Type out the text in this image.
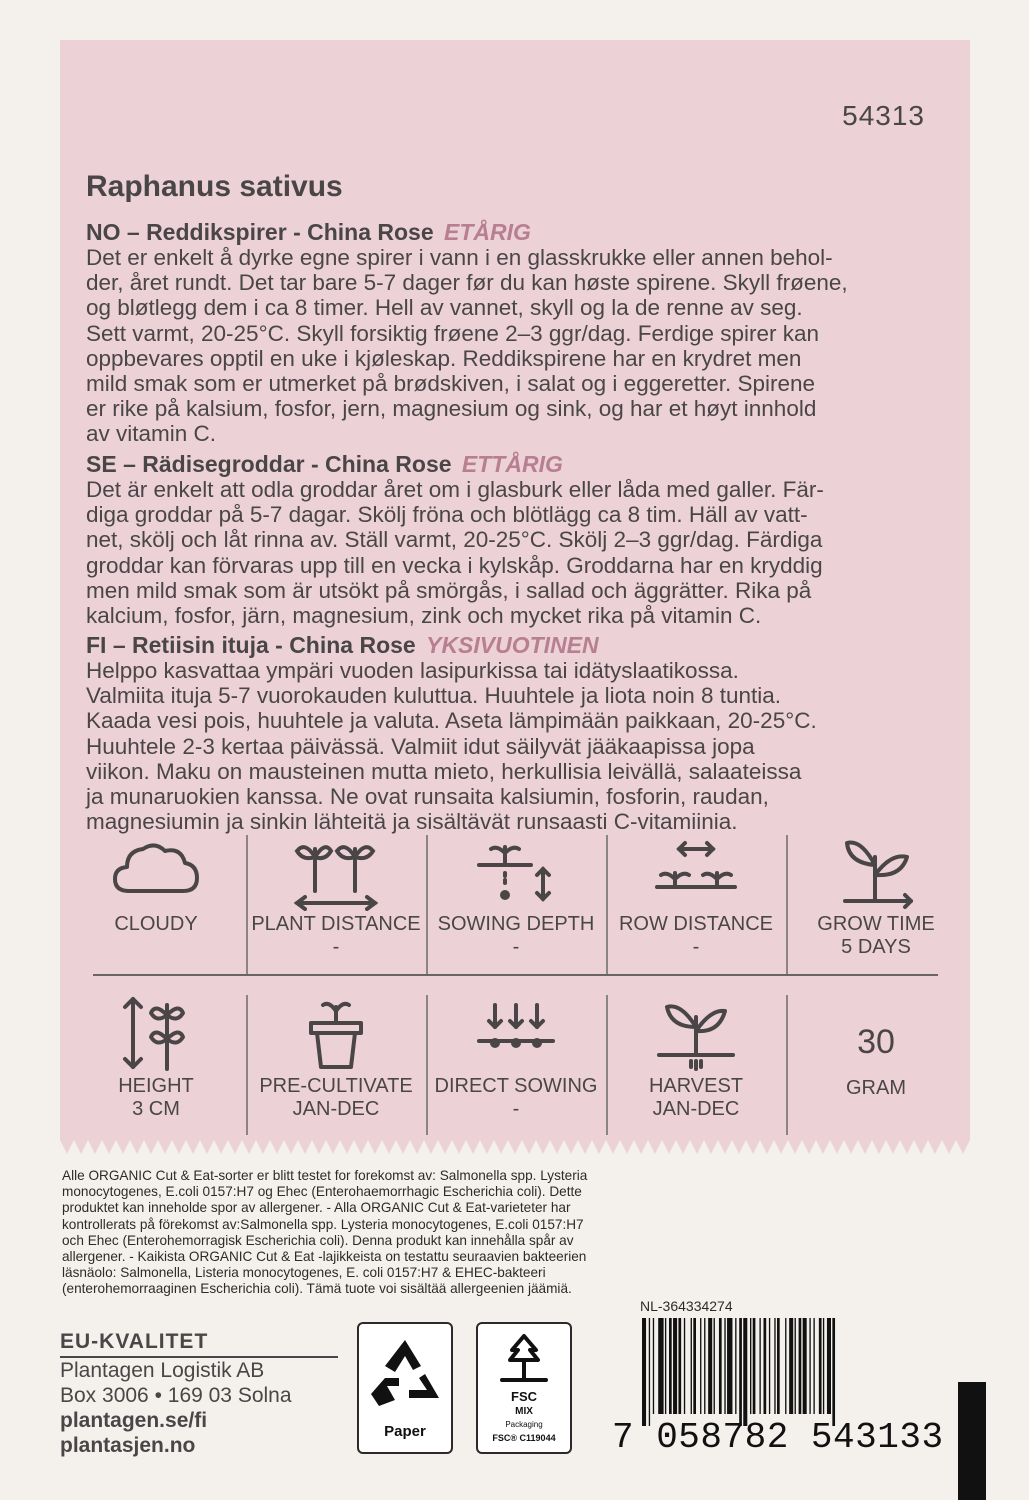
54313
Raphanus sativus
NO – Reddikspirer - China Rose ETÅRIG

Det er enkelt å dyrke egne spirer i vann i en glasskrukke eller annen behol-

der, året rundt. Det tar bare 5-7 dager før du kan høste spirene. Skyll frøene,

og bløtlegg dem i ca 8 timer. Hell av vannet, skyll og la de renne av seg.

Sett varmt, 20-25°C. Skyll forsiktig frøene 2–3 ggr/dag. Ferdige spirer kan

oppbevares opptil en uke i kjøleskap. Reddikspirene har en krydret men

mild smak som er utmerket på brødskiven, i salat og i eggeretter. Spirene

er rike på kalsium, fosfor, jern, magnesium og sink, og har et høyt innhold

av vitamin C.

SE – Rädisegroddar - China Rose ETTÅRIG

Det är enkelt att odla groddar året om i glasburk eller låda med galler. Fär-

diga groddar på 5-7 dagar. Skölj fröna och blötlägg ca 8 tim. Häll av vatt-

net, skölj och låt rinna av. Ställ varmt, 20-25°C. Skölj 2–3 ggr/dag. Färdiga

groddar kan förvaras upp till en vecka i kylskåp. Groddarna har en kryddig

men mild smak som är utsökt på smörgås, i sallad och äggrätter. Rika på

kalcium, fosfor, järn, magnesium, zink och mycket rika på vitamin C.

FI – Retiisin ituja - China Rose YKSIVUOTINEN

Helppo kasvattaa ympäri vuoden lasipurkissa tai idätyslaatikossa.

Valmiita ituja 5-7 vuorokauden kuluttua. Huuhtele ja liota noin 8 tuntia.

Kaada vesi pois, huuhtele ja valuta. Aseta lämpimään paikkaan, 20-25°C.

Huuhtele 2-3 kertaa päivässä. Valmiit idut säilyvät jääkaapissa jopa

viikon. Maku on mausteinen mutta mieto, herkullisia leivällä, salaateissa

ja munaruokien kanssa. Ne ovat runsaita kalsiumin, fosforin, raudan,

magnesiumin ja sinkin lähteitä ja sisältävät runsaasti C-vitamiinia.

CLOUDY	PLANT DISTANCE
-
SOWING DEPTH
-
ROW DISTANCE
-
GROW TIME
5 DAYS
HEIGHT
3 CM
PRE-CULTIVATE
JAN-DEC
DIRECT SOWING
-
HARVEST
JAN-DEC
30
GRAM

Alle ORGANIC Cut & Eat-sorter er blitt testet for forekomst av: Salmonella spp. Lysteria

monocytogenes, E.coli 0157:H7 og Ehec (Enterohaemorrhagic Escherichia coli). Dette

produktet kan inneholde spor av allergener. - Alla ORGANIC Cut & Eat-varieteter har

kontrollerats på förekomst av:Salmonella spp. Lysteria monocytogenes, E.coli 0157:H7

och Ehec (Enterohemorragisk Escherichia coli). Denna produkt kan innehålla spår av

allergener. - Kaikista ORGANIC Cut & Eat -lajikkeista on testattu seuraavien bakteerien

läsnäolo: Salmonella, Listeria monocytogenes, E. coli 0157:H7 & EHEC-bakteeri

(enterohemorraaginen Escherichia coli). Tämä tuote voi sisältää allergeenien jäämiä.

EU-KVALITET
Plantagen Logistik AB
Box 3006 • 169 03 Solna
plantagen.se/fi
plantasjen.no
Paper
FSC
MIX
Packaging
FSC® C119044
NL-364334274
7 058782 543133
